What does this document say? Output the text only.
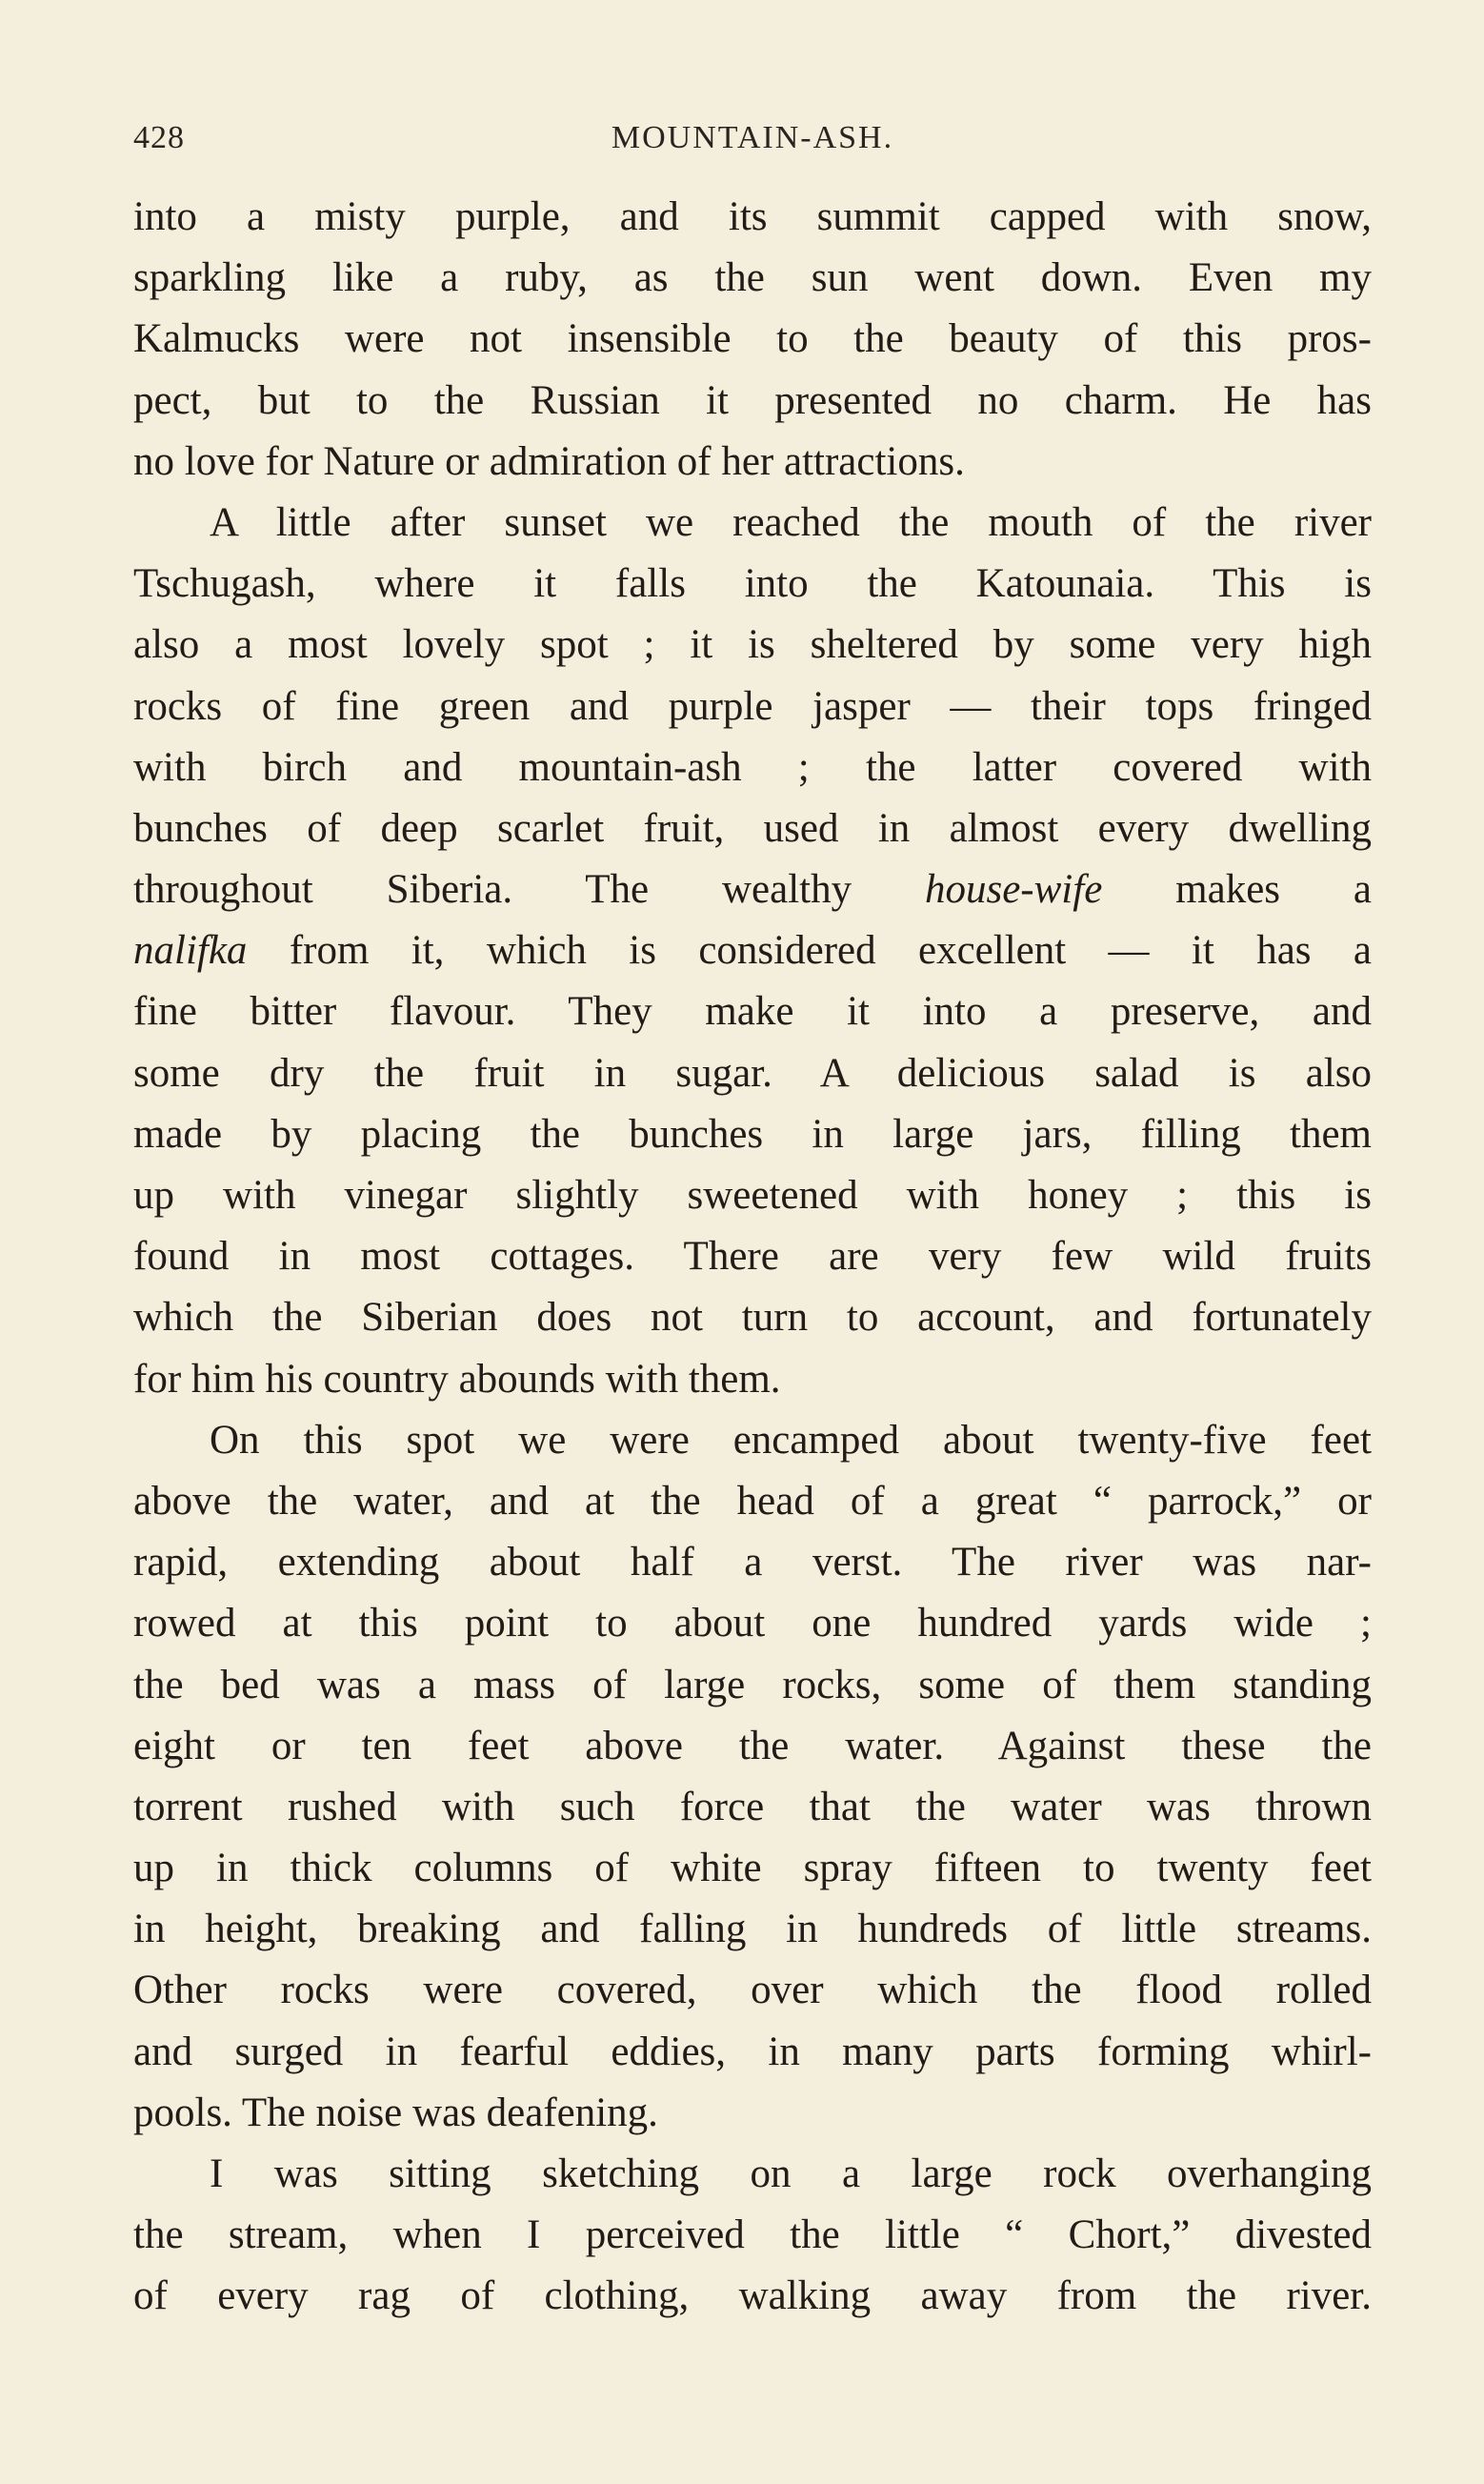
428	MOUNTAIN-ASH.
into a misty purple, and its summit capped with snow,
sparkling like a ruby, as the sun went down. Even my
Kalmucks were not insensible to the beauty of this pros-
pect, but to the Russian it presented no charm. He has
no love for Nature or admiration of her attractions.
A little after sunset we reached the mouth of the river
Tschugash, where it falls into the Katounaia. This is
also a most lovely spot ; it is sheltered by some very high
rocks of fine green and purple jasper — their tops fringed
with birch and mountain-ash ; the latter covered with
bunches of deep scarlet fruit, used in almost every dwelling
throughout Siberia. The wealthy house-wife makes a
nalifka from it, which is considered excellent — it has a
fine bitter flavour. They make it into a preserve, and
some dry the fruit in sugar. A delicious salad is also
made by placing the bunches in large jars, filling them
up with vinegar slightly sweetened with honey ; this is
found in most cottages. There are very few wild fruits
which the Siberian does not turn to account, and fortunately
for him his country abounds with them.
On this spot we were encamped about twenty-five feet
above the water, and at the head of a great “ parrock,” or
rapid, extending about half a verst. The river was nar-
rowed at this point to about one hundred yards wide ;
the bed was a mass of large rocks, some of them standing
eight or ten feet above the water. Against these the
torrent rushed with such force that the water was thrown
up in thick columns of white spray fifteen to twenty feet
in height, breaking and falling in hundreds of little streams.
Other rocks were covered, over which the flood rolled
and surged in fearful eddies, in many parts forming whirl-
pools. The noise was deafening.
I was sitting sketching on a large rock overhanging
the stream, when I perceived the little “ Chort,” divested
of every rag of clothing, walking away from the river.
